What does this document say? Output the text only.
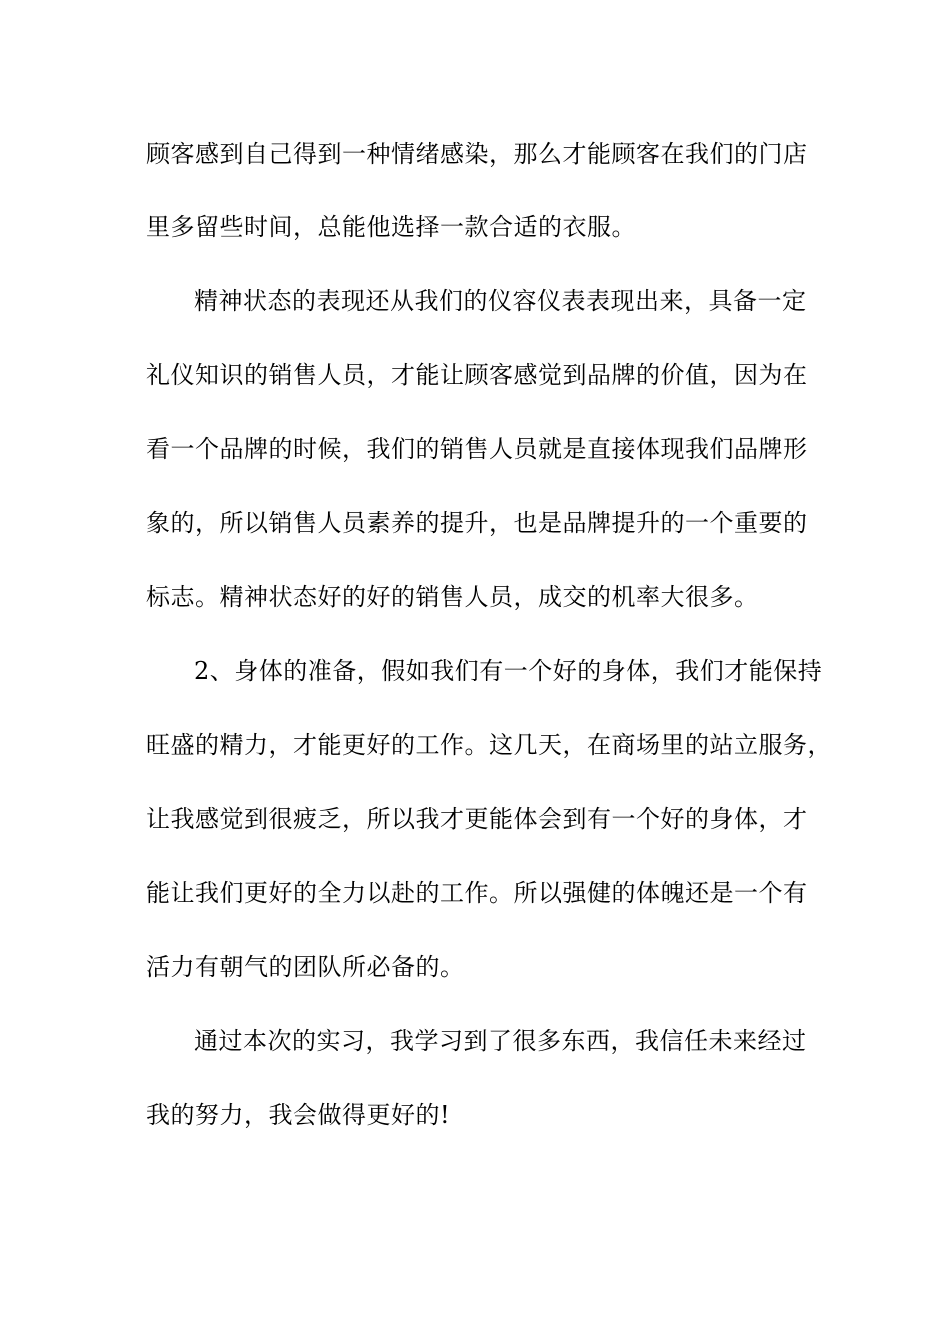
顾客感到自己得到一种情绪感染，那么才能顾客在我们的门店
里多留些时间，总能他选择一款合适的衣服。
精神状态的表现还从我们的仪容仪表表现出来，具备一定
礼仪知识的销售人员，才能让顾客感觉到品牌的价值，因为在
看一个品牌的时候，我们的销售人员就是直接体现我们品牌形
象的，所以销售人员素养的提升，也是品牌提升的一个重要的
标志。精神状态好的好的销售人员，成交的机率大很多。
2、身体的准备，假如我们有一个好的身体，我们才能保持
旺盛的精力，才能更好的工作。这几天，在商场里的站立服务，
让我感觉到很疲乏，所以我才更能体会到有一个好的身体，才
能让我们更好的全力以赴的工作。所以强健的体魄还是一个有
活力有朝气的团队所必备的。
通过本次的实习，我学习到了很多东西，我信任未来经过
我的努力，我会做得更好的!
